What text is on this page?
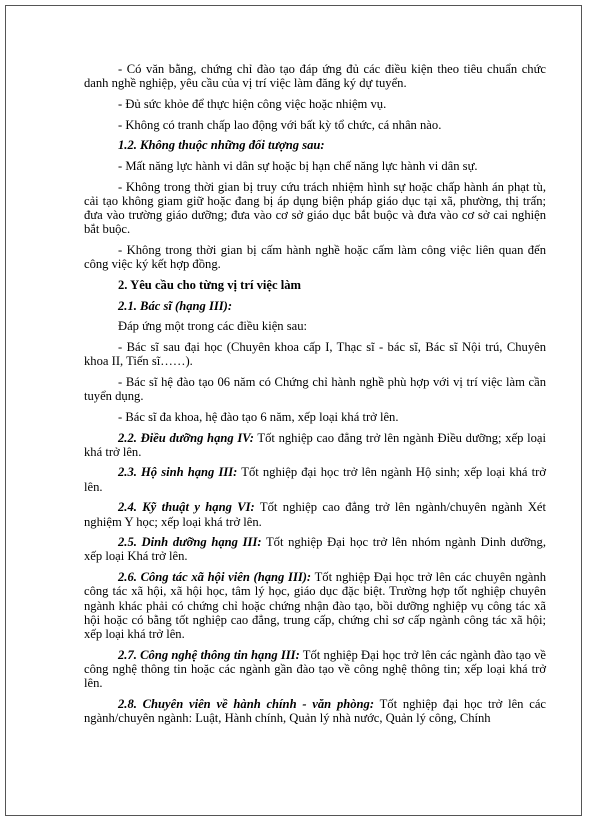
- Có văn bằng, chứng chỉ đào tạo đáp ứng đủ các điều kiện theo tiêu chuẩn chức danh nghề nghiệp, yêu cầu của vị trí việc làm đăng ký dự tuyển.

- Đủ sức khỏe để thực hiện công việc hoặc nhiệm vụ.

- Không có tranh chấp lao động với bất kỳ tổ chức, cá nhân nào.

1.2. Không thuộc những đối tượng sau:

- Mất năng lực hành vi dân sự hoặc bị hạn chế năng lực hành vi dân sự.

- Không trong thời gian bị truy cứu trách nhiệm hình sự hoặc chấp hành án phạt tù, cải tạo không giam giữ hoặc đang bị áp dụng biện pháp giáo dục tại xã, phường, thị trấn; đưa vào trường giáo dưỡng; đưa vào cơ sở giáo dục bắt buộc và đưa vào cơ sở cai nghiện bắt buộc.

- Không trong thời gian bị cấm hành nghề hoặc cấm làm công việc liên quan đến công việc ký kết hợp đồng.

2. Yêu cầu cho từng vị trí việc làm

2.1. Bác sĩ (hạng III):

Đáp ứng một trong các điều kiện sau:

- Bác sĩ sau đại học (Chuyên khoa cấp I, Thạc sĩ - bác sĩ, Bác sĩ Nội trú, Chuyên khoa II, Tiến sĩ……).

- Bác sĩ hệ đào tạo 06 năm có Chứng chỉ hành nghề phù hợp với vị trí việc làm cần tuyển dụng.

- Bác sĩ đa khoa, hệ đào tạo 6 năm, xếp loại khá trở lên.

2.2. Điều dưỡng hạng IV: Tốt nghiệp cao đẳng trở lên ngành Điều dưỡng; xếp loại khá trở lên.

2.3. Hộ sinh hạng III: Tốt nghiệp đại học trở lên ngành Hộ sinh; xếp loại khá trở lên.

2.4. Kỹ thuật y hạng VI: Tốt nghiệp cao đẳng trở lên ngành/chuyên ngành Xét nghiệm Y học; xếp loại khá trở lên.

2.5. Dinh dưỡng hạng III: Tốt nghiệp Đại học trở lên nhóm ngành Dinh dưỡng, xếp loại Khá trở lên.

2.6. Công tác xã hội viên (hạng III): Tốt nghiệp Đại học trở lên các chuyên ngành công tác xã hội, xã hội học, tâm lý học, giáo dục đặc biệt. Trường hợp tốt nghiệp chuyên ngành khác phải có chứng chỉ hoặc chứng nhận đào tạo, bồi dưỡng nghiệp vụ công tác xã hội hoặc có bằng tốt nghiệp cao đẳng, trung cấp, chứng chỉ sơ cấp ngành công tác xã hội; xếp loại khá trở lên.

2.7. Công nghệ thông tin hạng III: Tốt nghiệp Đại học trở lên các ngành đào tạo về công nghệ thông tin hoặc các ngành gần đào tạo về công nghệ thông tin; xếp loại khá trở lên.

2.8. Chuyên viên về hành chính - văn phòng: Tốt nghiệp đại học trở lên các ngành/chuyên ngành: Luật, Hành chính, Quản lý nhà nước, Quản lý công, Chính
